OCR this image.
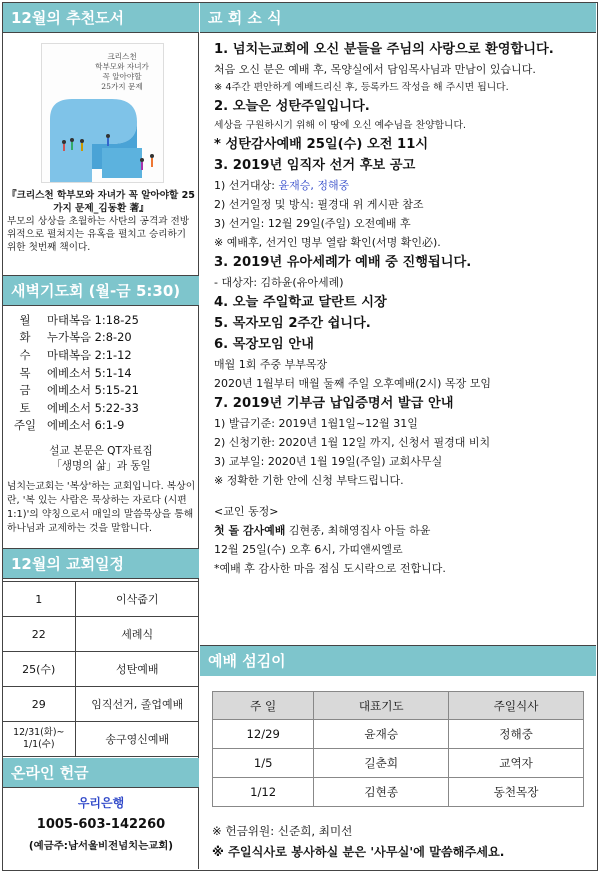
12월의 추천도서
크리스천
학부모와 자녀가
꼭 알아야할
25가지 문제
『크리스천 학부모와 자녀가 꼭 알아야할 25가지 문제_김동환 著』
부모의 상상을 초월하는 사탄의 공격과 전방위적으로 펼쳐지는 유혹을 펼치고 승리하기 위한 첫번째 책이다.
새벽기도회 (월-금 5:30)
월	마태복음 1:18-25
화	누가복음 2:8-20
수	마태복음 2:1-12
목	에베소서 5:1-14
금	에베소서 5:15-21
토	에베소서 5:22-33
주일 에베소서 6:1-9
설교 본문은 QT자료집
「생명의 삶」과 동일
넘치는교회는 '복상'하는 교회입니다. 복상이란, '복 있는 사람은 묵상하는 자로다 (시편1:1)'의 약칭으로서 매일의 말씀묵상을 통해 하나님과 교제하는 것을 말합니다.
12월의 교회일정
1	이삭줍기
22	세례식
25(수)	성탄예배
29	임직선거, 졸업예배
12/31(화)~
1/1(수)	송구영신예배
온라인 헌금
우리은행
1005-603-142260
(예금주:남서울비전넘치는교회)
교 회 소 식
1. 넘치는교회에 오신 분들을 주님의 사랑으로 환영합니다.
처음 오신 분은 예배 후, 목양실에서 담임목사님과 만남이 있습니다.
※ 4주간 편안하게 예배드리신 후, 등록카드 작성을 해 주시면 됩니다.
2. 오늘은 성탄주일입니다.
세상을 구원하시기 위해 이 땅에 오신 예수님을 찬양합니다.
* 성탄감사예배 25일(수) 오전 11시
3. 2019년 임직자 선거 후보 공고
1) 선거대상: 윤재승, 정해중
2) 선거일정 및 방식: 필경대 위 게시판 참조
3) 선거일: 12월 29일(주일) 오전예배 후
※ 예배후, 선거인 명부 열람 확인(서명 확인必).
3. 2019년 유아세례가 예배 중 진행됩니다.
- 대상자: 김하윤(유아세례)
4. 오늘 주일학교 달란트 시장
5. 목자모임 2주간 쉽니다.
6. 목장모임 안내
매월 1회 주중 부부목장
2020년 1월부터 매월 둘째 주일 오후예배(2시) 목장 모임
7. 2019년 기부금 납입증명서 발급 안내
1) 발급기준: 2019년 1월1일~12월 31일
2) 신청기한: 2020년 1월 12일 까지, 신청서 필경대 비치
3) 교부일: 2020년 1월 19일(주일) 교회사무실
※ 정확한 기한 안에 신청 부탁드립니다.
<교인 동정>
첫 돌 감사예배 김현종, 최해영집사 아들 하윤
12월 25일(수) 오후 6시, 가띠앤씨엘로
*예배 후 감사한 마음 점심 도시락으로 전합니다.
예배 섬김이
주 일	대표기도	주일식사
12/29	윤재승	정해중
1/5	길춘희	교역자
1/12	김현종	동천목장
※ 헌금위원: 신준희, 최미선
※ 주일식사로 봉사하실 분은 '사무실'에 말씀해주세요.
